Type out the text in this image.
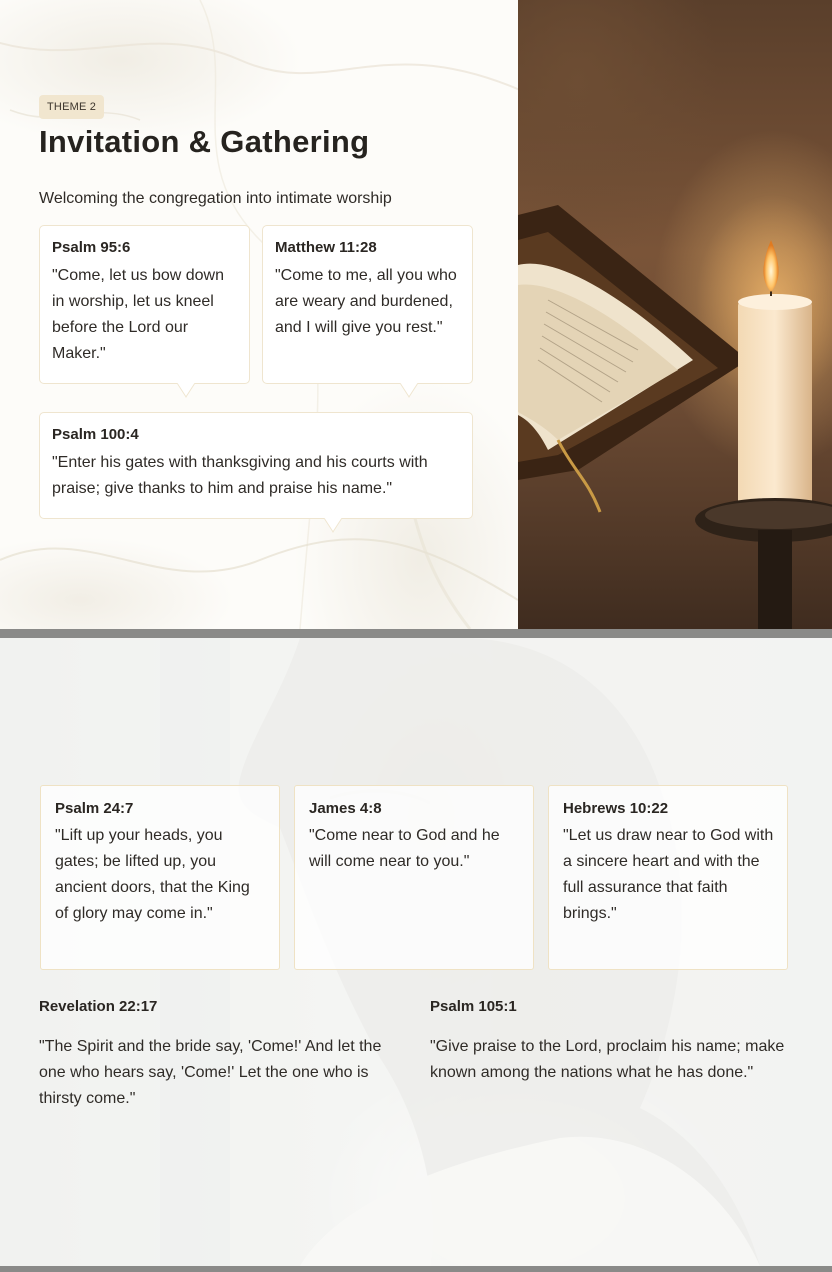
THEME 2
Invitation & Gathering

Welcoming the congregation into intimate worship

Psalm 95:6
"Come, let us bow down in worship, let us kneel before the Lord our Maker."
Matthew 11:28
"Come to me, all you who are weary and burdened, and I will give you rest."
Psalm 100:4
"Enter his gates with thanksgiving and his courts with praise; give thanks to him and praise his name."
Psalm 24:7
"Lift up your heads, you gates; be lifted up, you ancient doors, that the King of glory may come in."
James 4:8
"Come near to God and he will come near to you."
Hebrews 10:22
"Let us draw near to God with a sincere heart and with the full assurance that faith brings."
Revelation 22:17
"The Spirit and the bride say, 'Come!' And let the one who hears say, 'Come!' Let the one who is thirsty come."
Psalm 105:1
"Give praise to the Lord, proclaim his name; make known among the nations what he has done."
